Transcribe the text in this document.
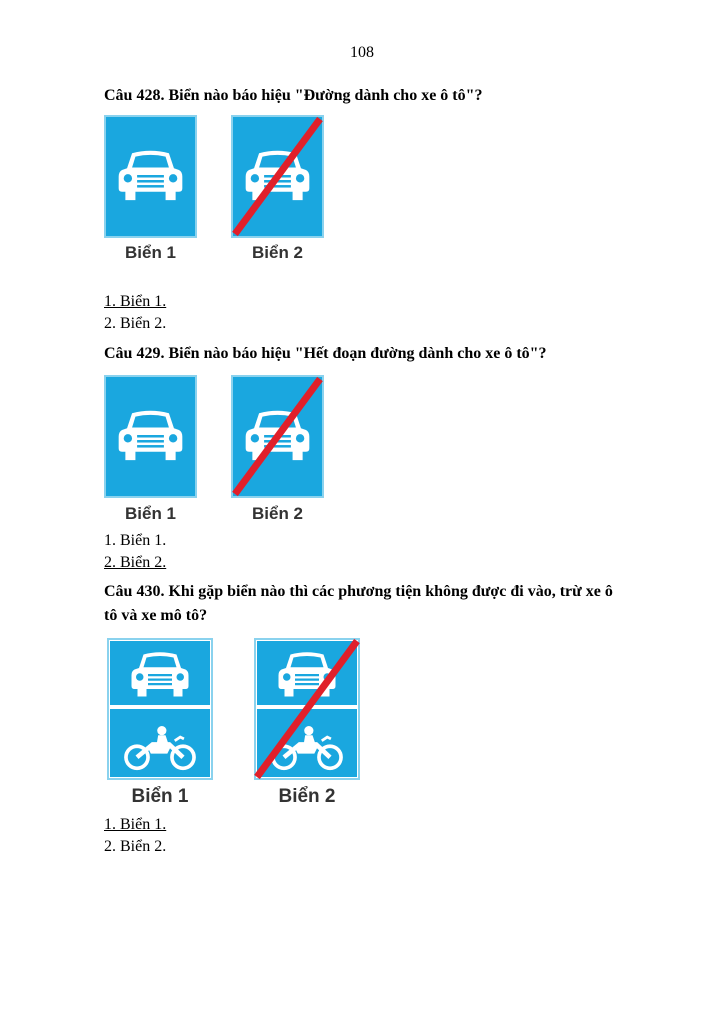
108
Câu 428. Biển nào báo hiệu "Đường dành cho xe ô tô"?
Biển 1	Biển 2
1. Biển 1.
2. Biển 2.
Câu 429. Biển nào báo hiệu "Hết đoạn đường dành cho xe ô tô"?
Biển 1	Biển 2
1. Biển 1.
2. Biển 2.
Câu 430. Khi gặp biển nào thì các phương tiện không được đi vào, trừ xe ô
tô và xe mô tô?
Biển 1	Biển 2
1. Biển 1.
2. Biển 2.
